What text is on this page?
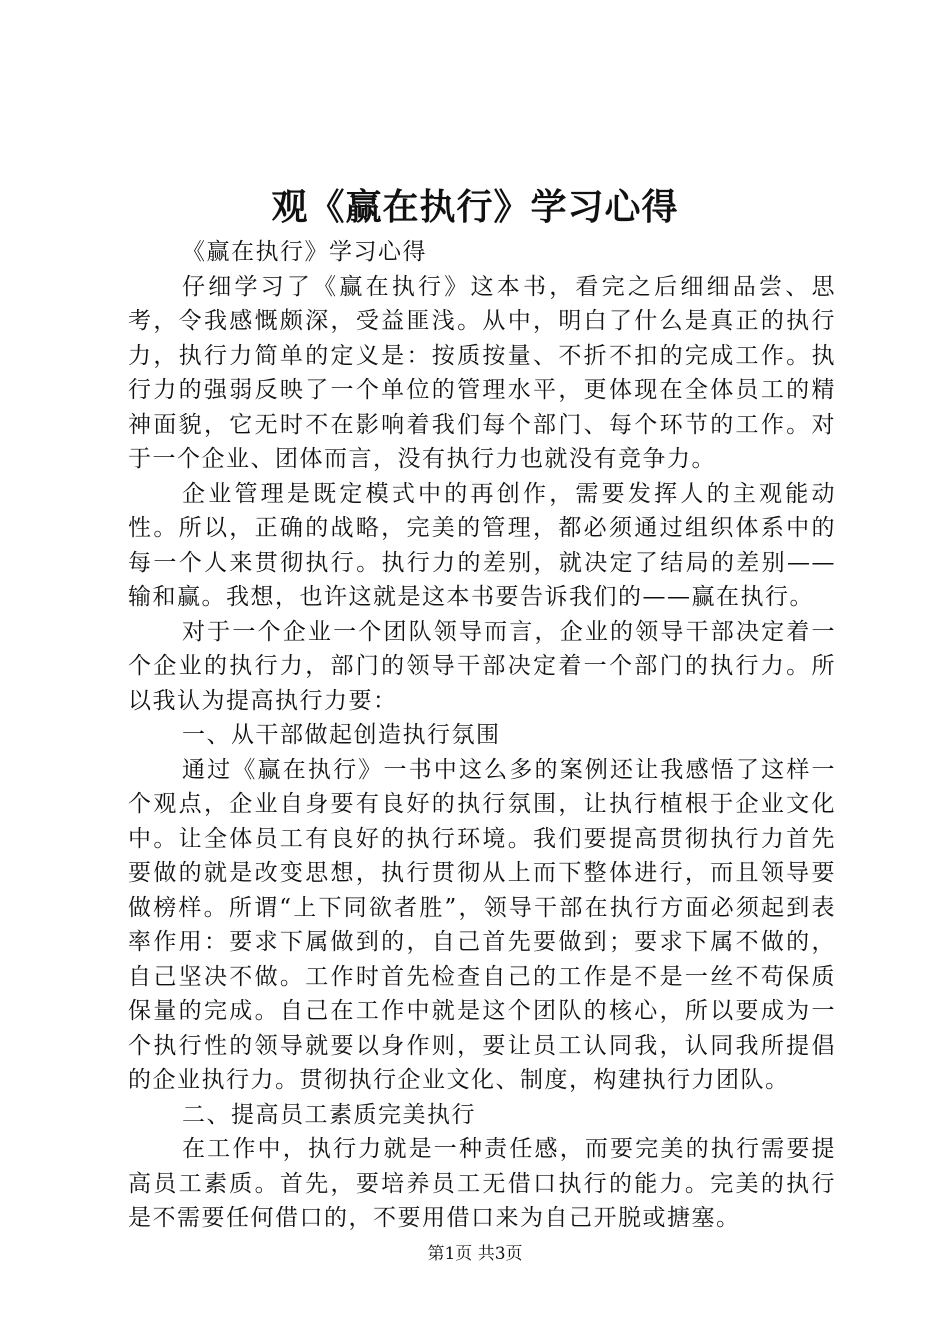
观《赢在执行》学习心得

《赢在执行》学习心得

仔细学习了《赢在执行》这本书，看完之后细细品尝、思考，令我感慨颇深，受益匪浅。从中，明白了什么是真正的执行力，执行力简单的定义是：按质按量、不折不扣的完成工作。执行力的强弱反映了一个单位的管理水平，更体现在全体员工的精神面貌，它无时不在影响着我们每个部门、每个环节的工作。对于一个企业、团体而言，没有执行力也就没有竞争力。

企业管理是既定模式中的再创作，需要发挥人的主观能动性。所以，正确的战略，完美的管理，都必须通过组织体系中的每一个人来贯彻执行。执行力的差别，就决定了结局的差别——输和赢。我想，也许这就是这本书要告诉我们的——赢在执行。

对于一个企业一个团队领导而言，企业的领导干部决定着一个企业的执行力，部门的领导干部决定着一个部门的执行力。所以我认为提高执行力要：

一、从干部做起创造执行氛围

通过《赢在执行》一书中这么多的案例还让我感悟了这样一个观点，企业自身要有良好的执行氛围，让执行植根于企业文化中。让全体员工有良好的执行环境。我们要提高贯彻执行力首先要做的就是改变思想，执行贯彻从上而下整体进行，而且领导要做榜样。所谓“上下同欲者胜”，领导干部在执行方面必须起到表率作用：要求下属做到的，自己首先要做到；要求下属不做的，自己坚决不做。工作时首先检查自己的工作是不是一丝不苟保质保量的完成。自己在工作中就是这个团队的核心，所以要成为一个执行性的领导就要以身作则，要让员工认同我，认同我所提倡的企业执行力。贯彻执行企业文化、制度，构建执行力团队。

二、提高员工素质完美执行

在工作中，执行力就是一种责任感，而要完美的执行需要提高员工素质。首先，要培养员工无借口执行的能力。完美的执行是不需要任何借口的，不要用借口来为自己开脱或搪塞。

第1页 共3页
